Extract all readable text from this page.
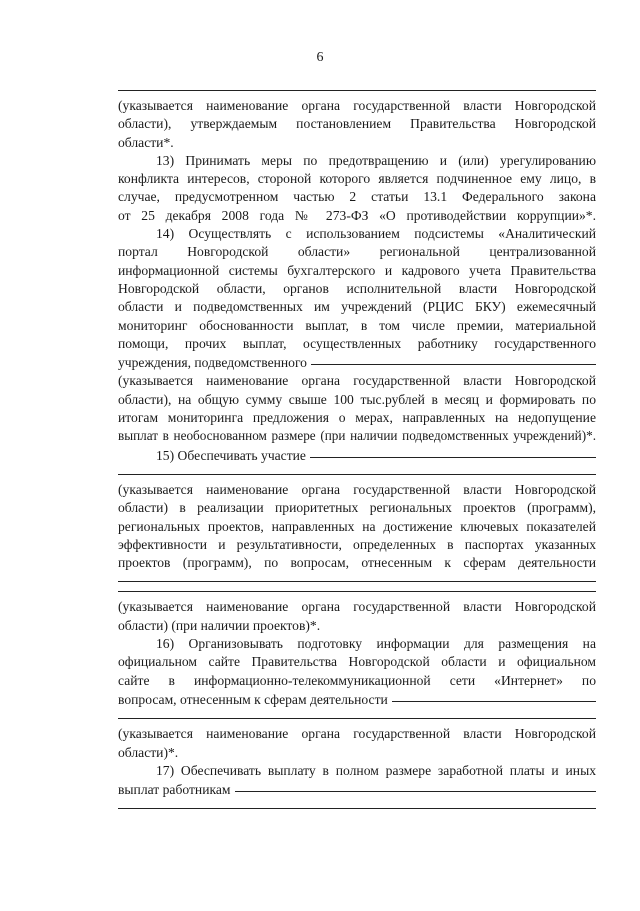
6
(указывается наименование органа государственной власти Новгородской
области), утверждаемым постановлением Правительства Новгородской
области*.
13) Принимать меры по предотвращению и (или) урегулированию
конфликта интересов, стороной которого является подчиненное ему лицо, в
случае, предусмотренном частью 2 статьи 13.1 Федерального закона
от 25 декабря 2008 года № 273-ФЗ «О противодействии коррупции»*.
14) Осуществлять с использованием подсистемы «Аналитический
портал Новгородской области» региональной централизованной
информационной системы бухгалтерского и кадрового учета Правительства
Новгородской области, органов исполнительной власти Новгородской
области и подведомственных им учреждений (РЦИС БКУ) ежемесячный
мониторинг обоснованности выплат, в том числе премии, материальной
помощи, прочих выплат, осуществленных работнику государственного
учреждения, подведомственного
(указывается наименование органа государственной власти Новгородской
области), на общую сумму свыше 100 тыс.рублей в месяц и формировать по
итогам мониторинга предложения о мерах, направленных на недопущение
выплат в необоснованном размере (при наличии подведомственных учреждений)*.
15) Обеспечивать участие
(указывается наименование органа государственной власти Новгородской
области) в реализации приоритетных региональных проектов (программ),
региональных проектов, направленных на достижение ключевых показателей
эффективности и результативности, определенных в паспортах указанных
проектов (программ), по вопросам, отнесенным к сферам деятельности
(указывается наименование органа государственной власти Новгородской
области) (при наличии проектов)*.
16) Организовывать подготовку информации для размещения на
официальном сайте Правительства Новгородской области и официальном
сайте в информационно-телекоммуникационной сети «Интернет» по
вопросам, отнесенным к сферам деятельности
(указывается наименование органа государственной власти Новгородской
области)*.
17) Обеспечивать выплату в полном размере заработной платы и иных
выплат работникам
